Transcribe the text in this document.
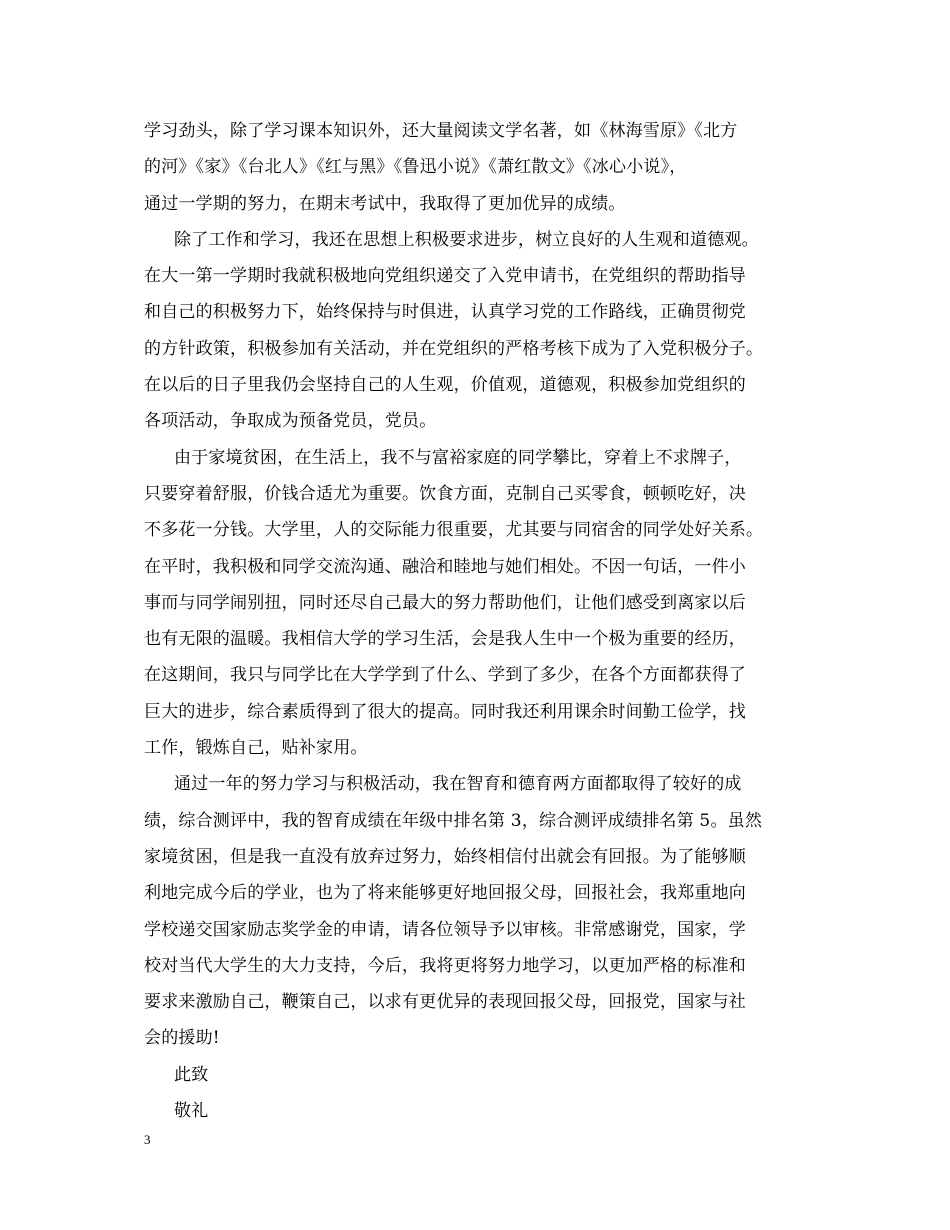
学习劲头，除了学习课本知识外，还大量阅读文学名著，如《林海雪原》《北方
的河》《家》《台北人》《红与黑》《鲁迅小说》《萧红散文》《冰心小说》，
通过一学期的努力，在期末考试中，我取得了更加优异的成绩。
除了工作和学习，我还在思想上积极要求进步，树立良好的人生观和道德观。
在大一第一学期时我就积极地向党组织递交了入党申请书，在党组织的帮助指导
和自己的积极努力下，始终保持与时俱进，认真学习党的工作路线，正确贯彻党
的方针政策，积极参加有关活动，并在党组织的严格考核下成为了入党积极分子。
在以后的日子里我仍会坚持自己的人生观，价值观，道德观，积极参加党组织的
各项活动，争取成为预备党员，党员。
由于家境贫困，在生活上，我不与富裕家庭的同学攀比，穿着上不求牌子，
只要穿着舒服，价钱合适尤为重要。饮食方面，克制自己买零食，顿顿吃好，决
不多花一分钱。大学里，人的交际能力很重要，尤其要与同宿舍的同学处好关系。
在平时，我积极和同学交流沟通、融洽和睦地与她们相处。不因一句话，一件小
事而与同学闹别扭，同时还尽自己最大的努力帮助他们，让他们感受到离家以后
也有无限的温暖。我相信大学的学习生活，会是我人生中一个极为重要的经历，
在这期间，我只与同学比在大学学到了什么、学到了多少，在各个方面都获得了
巨大的进步，综合素质得到了很大的提高。同时我还利用课余时间勤工俭学，找
工作，锻炼自己，贴补家用。
通过一年的努力学习与积极活动，我在智育和德育两方面都取得了较好的成
绩，综合测评中，我的智育成绩在年级中排名第 3，综合测评成绩排名第 5。虽然
家境贫困，但是我一直没有放弃过努力，始终相信付出就会有回报。为了能够顺
利地完成今后的学业，也为了将来能够更好地回报父母，回报社会，我郑重地向
学校递交国家励志奖学金的申请，请各位领导予以审核。非常感谢党，国家，学
校对当代大学生的大力支持，今后，我将更将努力地学习，以更加严格的标准和
要求来激励自己，鞭策自己，以求有更优异的表现回报父母，回报党，国家与社
会的援助!
此致
敬礼
3
